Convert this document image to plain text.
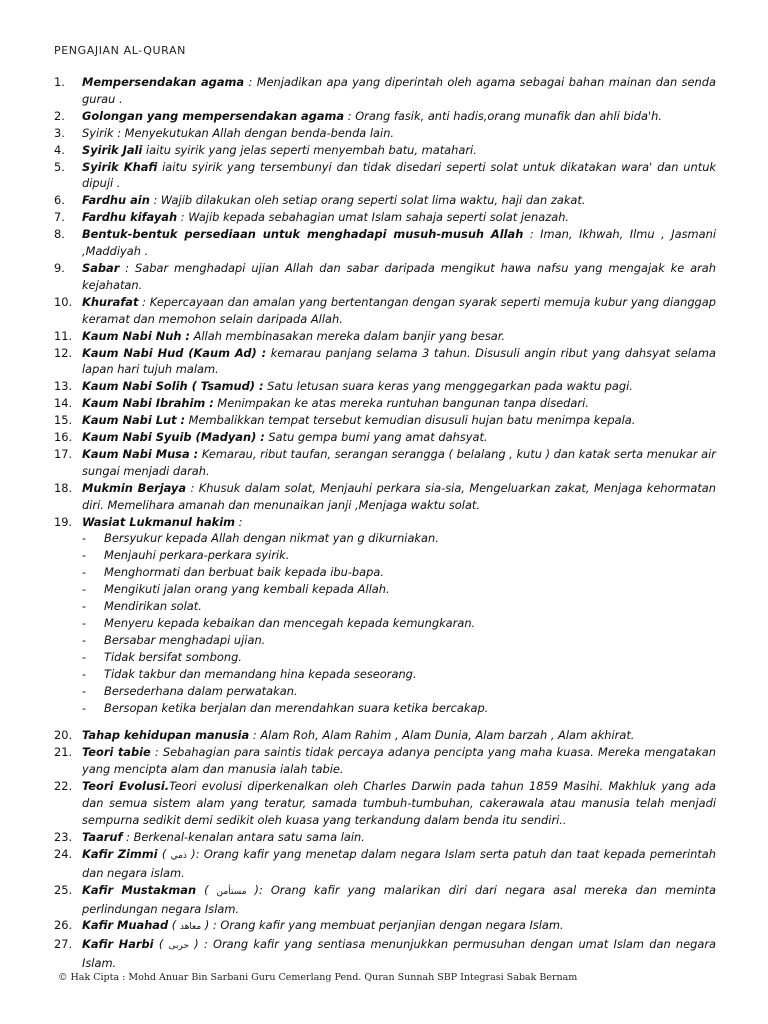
PENGAJIAN AL-QURAN
1.	Mempersendakan agama : Menjadikan apa yang diperintah oleh agama sebagai bahan mainan dan senda gurau .
2.	Golongan yang mempersendakan agama : Orang fasik, anti hadis,orang munafik dan ahli bida'h.
3.	Syirik : Menyekutukan Allah dengan benda-benda lain.
4.	Syirik Jali iaitu syirik yang jelas seperti menyembah batu, matahari.
5.	Syirik Khafi iaitu syirik yang tersembunyi dan tidak disedari seperti solat untuk dikatakan wara' dan untuk dipuji .
6.	Fardhu ain : Wajib dilakukan oleh setiap orang seperti solat lima waktu, haji dan zakat.
7.	Fardhu kifayah : Wajib kepada sebahagian umat Islam sahaja seperti solat jenazah.
8.	Bentuk-bentuk persediaan untuk menghadapi musuh-musuh Allah : Iman, Ikhwah, Ilmu , Jasmani ,Maddiyah .
9.	Sabar : Sabar menghadapi ujian Allah dan sabar daripada mengikut hawa nafsu yang mengajak ke arah kejahatan.
10. Khurafat : Kepercayaan dan amalan yang bertentangan dengan syarak seperti memuja kubur yang dianggap keramat dan memohon selain daripada Allah.
11. Kaum Nabi Nuh : Allah membinasakan mereka dalam banjir yang besar.
12. Kaum Nabi Hud (Kaum Ad) : kemarau panjang selama 3 tahun. Disusuli angin ribut yang dahsyat selama lapan hari tujuh malam.
13. Kaum Nabi Solih ( Tsamud) : Satu letusan suara keras yang menggegarkan pada waktu pagi.
14. Kaum Nabi Ibrahim : Menimpakan ke atas mereka runtuhan bangunan tanpa disedari.
15. Kaum Nabi Lut : Membalikkan tempat tersebut kemudian disusuli hujan batu menimpa kepala.
16. Kaum Nabi Syuib (Madyan) : Satu gempa bumi yang amat dahsyat.
17. Kaum Nabi Musa : Kemarau, ribut taufan, serangan serangga ( belalang , kutu ) dan katak serta menukar air sungai menjadi darah.
18. Mukmin Berjaya : Khusuk dalam solat, Menjauhi perkara sia-sia, Mengeluarkan zakat, Menjaga kehormatan diri. Memelihara amanah dan menunaikan janji ,Menjaga waktu solat.
19. Wasiat Lukmanul hakim :
-	Bersyukur kepada Allah dengan nikmat yan g dikurniakan.
-	Menjauhi perkara-perkara syirik.
-	Menghormati dan berbuat baik kepada ibu-bapa.
-	Mengikuti jalan orang yang kembali kepada Allah.
-	Mendirikan solat.
-	Menyeru kepada kebaikan dan mencegah kepada kemungkaran.
-	Bersabar menghadapi ujian.
-	Tidak bersifat sombong.
-	Tidak takbur dan memandang hina kepada seseorang.
-	Bersederhana dalam perwatakan.
-	Bersopan ketika berjalan dan merendahkan suara ketika bercakap.
20. Tahap kehidupan manusia : Alam Roh, Alam Rahim , Alam Dunia, Alam barzah , Alam akhirat.
21. Teori tabie : Sebahagian para saintis tidak percaya adanya pencipta yang maha kuasa. Mereka mengatakan yang mencipta alam dan manusia ialah tabie.
22. Teori Evolusi.Teori evolusi diperkenalkan oleh Charles Darwin pada tahun 1859 Masihi. Makhluk yang ada dan semua sistem alam yang teratur, samada tumbuh-tumbuhan, cakerawala atau manusia telah menjadi sempurna sedikit demi sedikit oleh kuasa yang terkandung dalam benda itu sendiri..
23. Taaruf : Berkenal-kenalan antara satu sama lain.
24. Kafir Zimmi ( ذمي ): Orang kafir yang menetap dalam negara Islam serta patuh dan taat kepada pemerintah dan negara islam.
25. Kafir Mustakman ( مستأمن ): Orang kafir yang malarikan diri dari negara asal mereka dan meminta perlindungan negara Islam.
26. Kafir Muahad ( معاهد ) : Orang kafir yang membuat perjanjian dengan negara Islam.
27. Kafir Harbi ( حربى ) : Orang kafir yang sentiasa menunjukkan permusuhan dengan umat Islam dan negara Islam.
© Hak Cipta : Mohd Anuar Bin Sarbani Guru Cemerlang Pend. Quran Sunnah SBP Integrasi Sabak Bernam
